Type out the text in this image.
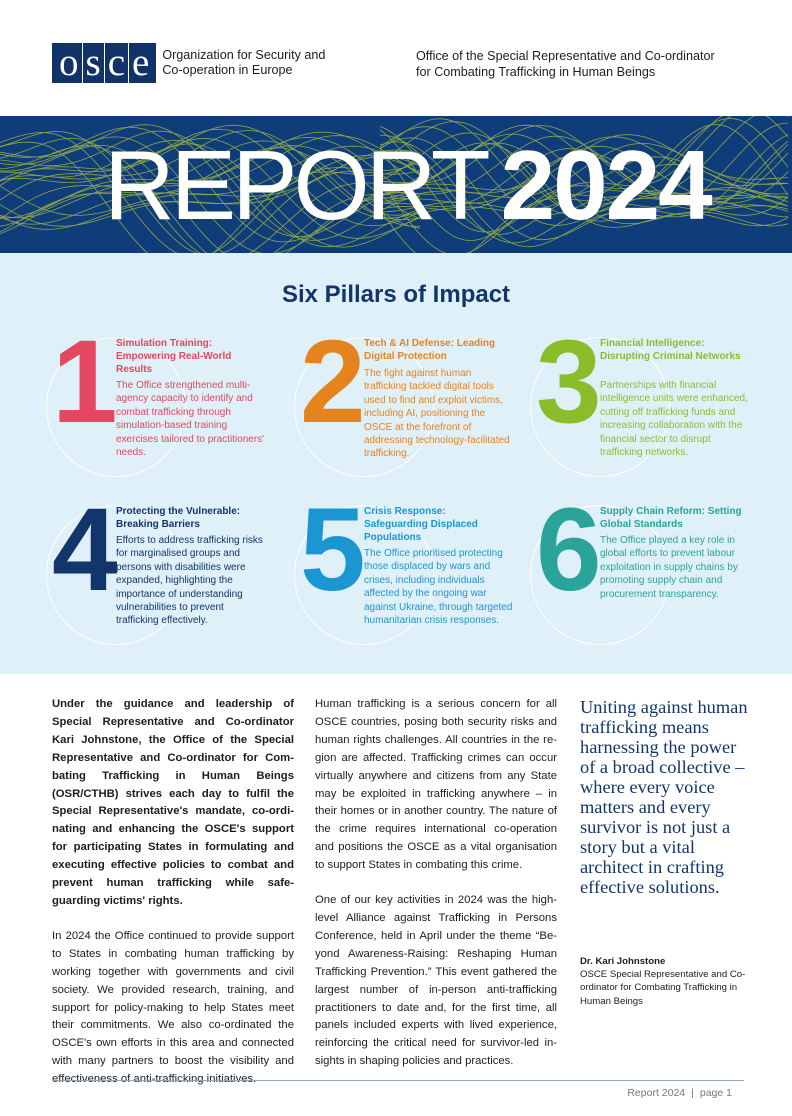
o s c e Organization for Security and
Co-operation in Europe
Office of the Special Representative and Co-ordinator
for Combating Trafficking in Human Beings
REPORT 2024
Six Pillars of Impact
1 Simulation Training: Empowering Real-World Results
The Office strengthened multi-agency capacity to identify and combat trafficking through simulation-based training exercises tailored to practitioners' needs.
2 Tech & AI Defense: Leading Digital Protection
The fight against human trafficking tackled digital tools used to find and exploit victims, including AI, positioning the OSCE at the forefront of addressing technology-facilitated trafficking.
3 Financial Intelligence: Disrupting Criminal Networks
Partnerships with financial intelligence units were enhanced, cutting off trafficking funds and increasing collaboration with the financial sector to disrupt trafficking networks.
4 Protecting the Vulnerable: Breaking Barriers
Efforts to address trafficking risks for marginalised groups and persons with disabilities were expanded, highlighting the importance of understanding vulnerabilities to prevent trafficking effectively.
5 Crisis Response: Safeguarding Displaced Populations
The Office prioritised protecting those displaced by wars and crises, including individuals affected by the ongoing war against Ukraine, through targeted humanitarian crisis responses.
6 Supply Chain Reform: Setting Global Standards
The Office played a key role in global efforts to prevent labour exploitation in supply chains by promoting supply chain and procurement transparency.

Under the guidance and leadership of Special Representative and Co-ordinator Kari Johnstone, the Office of the Special Representative and Co-ordinator for Combating Trafficking in Human Beings (OSR/CTHB) strives each day to fulfil the Special Representative's mandate, co-ordinating and enhancing the OSCE's support for participating States in formulating and executing effective policies to combat and prevent human trafficking while safeguarding victims' rights.

In 2024 the Office continued to provide support to States in combating human trafficking by working together with governments and civil society. We provided research, training, and support for policy-making to help States meet their commitments. We also co-ordinated the OSCE's own efforts in this area and connected with many partners to boost the visibility and

Human trafficking is a serious concern for all OSCE countries, posing both security risks and human rights challenges. All countries in the region are affected. Trafficking crimes can occur virtually anywhere and citizens from any State may be exploited in trafficking anywhere – in their homes or in another country. The nature of the crime requires international co-operation and positions the OSCE as a vital organisation to support States in combating this crime.

One of our key activities in 2024 was the high-level Alliance against Trafficking in Persons Conference, held in April under the theme “Beyond Awareness-Raising: Reshaping Human Trafficking Prevention.” This event gathered the largest number of in-person anti-trafficking practitioners to date and, for the first time, all panels included experts with lived experience, reinforcing the critical need for survivor-led insights in shaping policies and practices.

Uniting against human trafficking means harnessing the power of a broad collective – where every voice matters and every survivor is not just a story but a vital architect in crafting effective solutions.
Dr. Kari Johnstone
OSCE Special Representative and Co-ordinator for Combating Trafficking in Human Beings
Report 2024 | page 1
